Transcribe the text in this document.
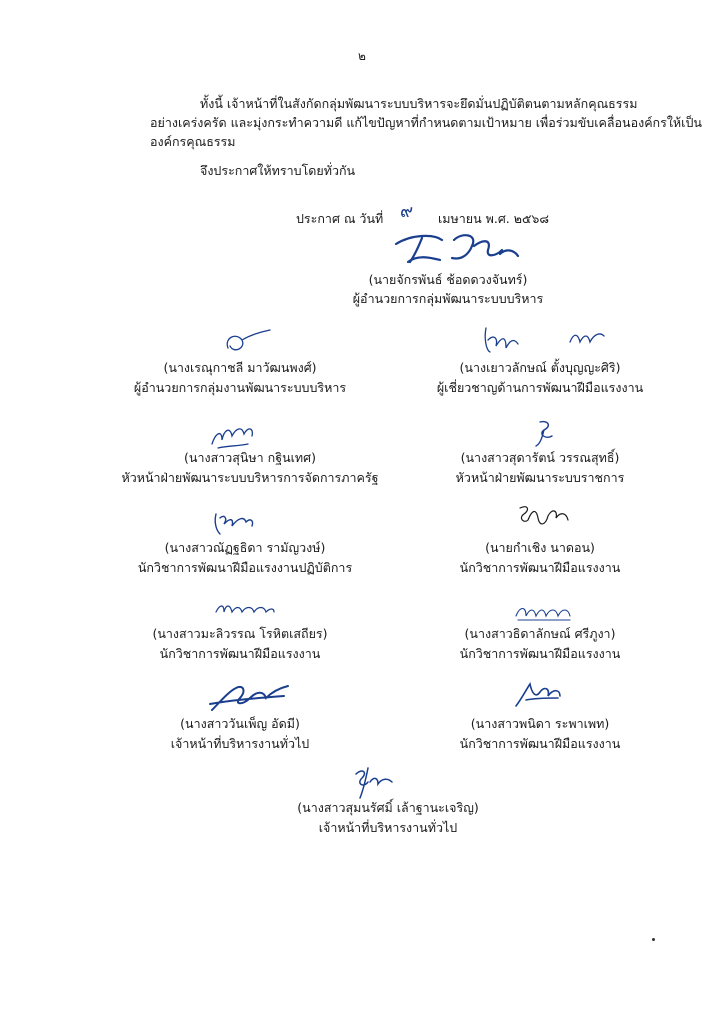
๒
ทั้งนี้ เจ้าหน้าที่ในสังกัดกลุ่มพัฒนาระบบบริหารจะยึดมั่นปฏิบัติตนตามหลักคุณธรรม
อย่างเคร่งครัด และมุ่งกระทำความดี แก้ไขปัญหาที่กำหนดตามเป้าหมาย เพื่อร่วมขับเคลื่อนองค์กรให้เป็น
องค์กรคุณธรรม
จึงประกาศให้ทราบโดยทั่วกัน
ประกาศ ณ วันที่ ๙ เมษายน พ.ศ. ๒๕๖๘
(นายจักรพันธ์ ช้อดดวงจันทร์)
ผู้อำนวยการกลุ่มพัฒนาระบบบริหาร
(นางเรณุกาชลี มาวัฒนพงศ์)
ผู้อำนวยการกลุ่มงานพัฒนาระบบบริหาร
(นางเยาวลักษณ์ ตั้งบุญญะศิริ)
ผู้เชี่ยวชาญด้านการพัฒนาฝีมือแรงงาน
(นางสาวสุนิษา กฐินเทศ)
หัวหน้าฝ่ายพัฒนาระบบบริหารการจัดการภาครัฐ
(นางสาวสุดารัตน์ วรรณสุทธิ์)
หัวหน้าฝ่ายพัฒนาระบบราชการ
(นางสาวณัฏฐธิดา รามัญวงษ์)
นักวิชาการพัฒนาฝีมือแรงงานปฏิบัติการ
(นายกำเชิง นาดอน)
นักวิชาการพัฒนาฝีมือแรงงาน
(นางสาวมะลิวรรณ โรหิตเสถียร)
นักวิชาการพัฒนาฝีมือแรงงาน
(นางสาวธิดาลักษณ์ ศรีภูงา)
นักวิชาการพัฒนาฝีมือแรงงาน
(นางสาววันเพ็ญ อัดมี)
เจ้าหน้าที่บริหารงานทั่วไป
(นางสาวพนิดา ระพาเพท)
นักวิชาการพัฒนาฝีมือแรงงาน
(นางสาวสุมนรัศมิ์ เล้าฐานะเจริญ)
เจ้าหน้าที่บริหารงานทั่วไป
